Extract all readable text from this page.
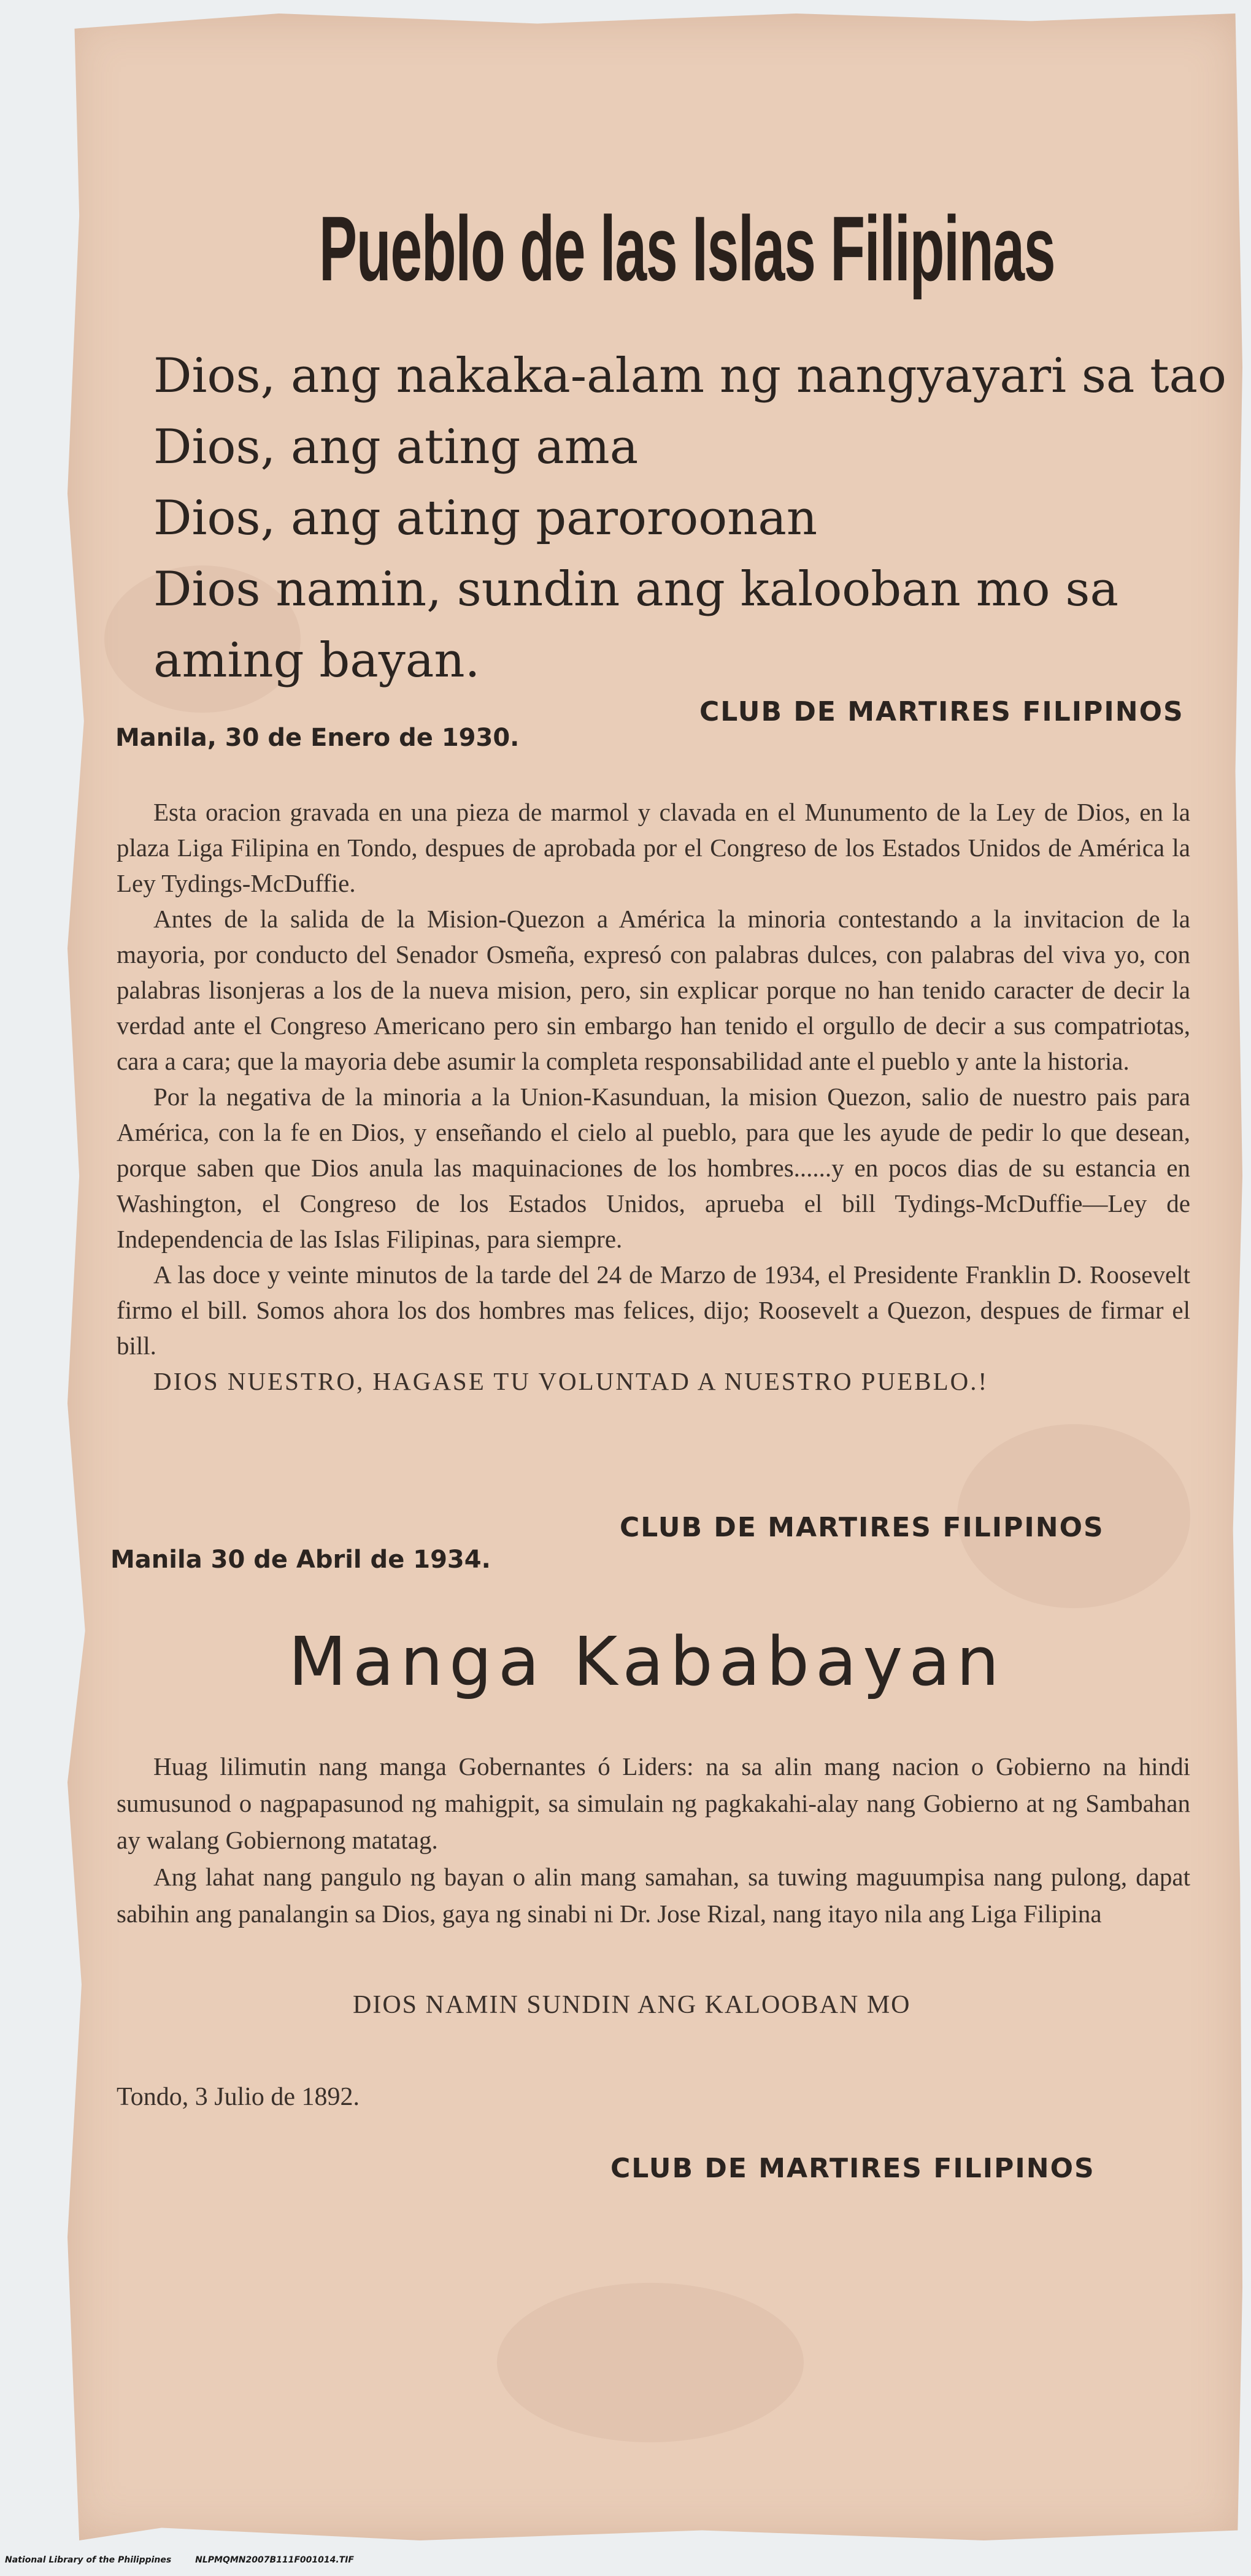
Pueblo de las Islas Filipinas
Dios, ang nakaka-alam ng nangyayari sa tao
Dios, ang ating ama
Dios, ang ating paroroonan
Dios namin, sundin ang kalooban mo sa
aming bayan.
CLUB DE MARTIRES FILIPINOS
Manila, 30 de Enero de 1930.

Esta oracion gravada en una pieza de marmol y clavada en el Munumento de la Ley de Dios, en la plaza Liga Filipina en Tondo, despues de aprobada por el Congreso de los Estados Unidos de América la Ley Tydings-McDuffie.

Antes de la salida de la Mision-Quezon a América la minoria contestando a la invitacion de la mayoria, por conducto del Senador Osmeña, expresó con palabras dulces, con palabras del viva yo, con palabras lisonjeras a los de la nueva mision, pero, sin explicar porque no han tenido caracter de decir la verdad ante el Congreso Americano pero sin embargo han tenido el orgullo de decir a sus compatriotas, cara a cara; que la mayoria debe asumir la completa responsabilidad ante el pueblo y ante la historia.

Por la negativa de la minoria a la Union-Kasunduan, la mision Quezon, salio de nuestro pais para América, con la fe en Dios, y enseñando el cielo al pueblo, para que les ayude de pedir lo que desean, porque saben que Dios anula las maquinaciones de los hombres......y en pocos dias de su estancia en Washington, el Congreso de los Estados Unidos, aprueba el bill Tydings-McDuffie—Ley de Independencia de las Islas Filipinas, para siempre.

A las doce y veinte minutos de la tarde del 24 de Marzo de 1934, el Presidente Franklin D. Roosevelt firmo el bill. Somos ahora los dos hombres mas felices, dijo; Roosevelt a Quezon, despues de firmar el bill.

DIOS NUESTRO, HAGASE TU VOLUNTAD A NUESTRO PUEBLO.!

CLUB DE MARTIRES FILIPINOS
Manila 30 de Abril de 1934.
Manga Kababayan

Huag lilimutin nang manga Gobernantes ó Liders: na sa alin mang nacion o Gobierno na hindi sumusunod o nagpapasunod ng mahigpit, sa simulain ng pagkakahi-alay nang Gobierno at ng Sambahan ay walang Gobiernong matatag.

Ang lahat nang pangulo ng bayan o alin mang samahan, sa tuwing maguumpisa nang pulong, dapat sabihin ang panalangin sa Dios, gaya ng sinabi ni Dr. Jose Rizal, nang itayo nila ang Liga Filipina

DIOS NAMIN SUNDIN ANG KALOOBAN MO
Tondo, 3 Julio de 1892.
CLUB DE MARTIRES FILIPINOS
National Library of the Philippines	NLPMQMN2007B111F001014.TIF
